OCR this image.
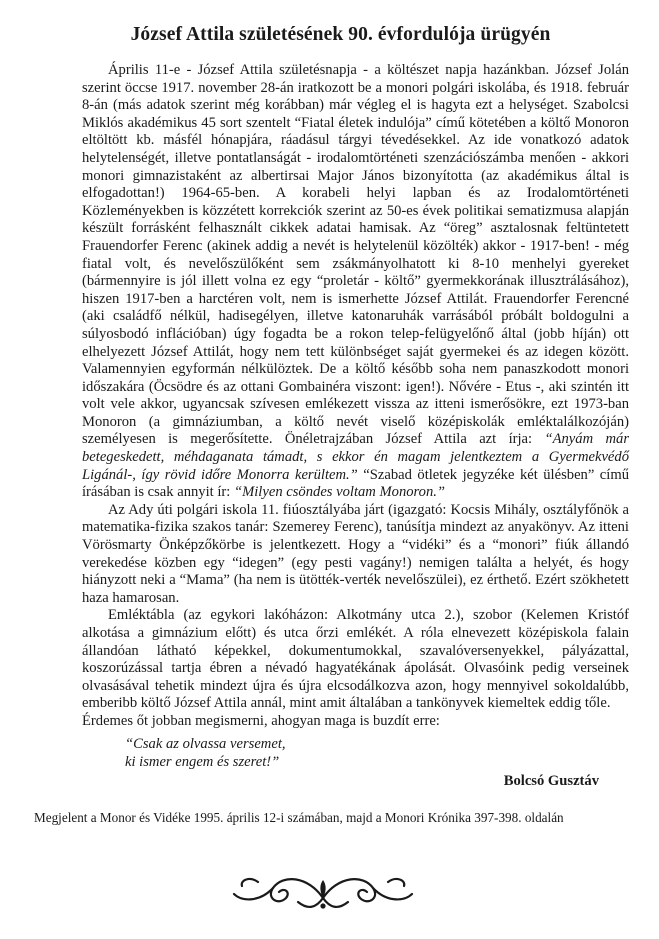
József Attila születésének 90. évfordulója ürügyén

Április 11-e - József Attila születésnapja - a költészet napja hazánkban. József Jolán szerint öccse 1917. november 28-án iratkozott be a monori polgári iskolába, és 1918. február 8-án (más adatok szerint még korábban) már végleg el is hagyta ezt a helységet. Szabolcsi Miklós akadémikus 45 sort szentelt “Fiatal életek indulója” című kötetében a költő Monoron eltöltött kb. másfél hónapjára, ráadásul tárgyi tévedésekkel. Az ide vonatkozó adatok helytelenségét, illetve pontatlanságát - irodalomtörténeti szenzációszámba menően - akkori monori gimnazistaként az albertirsai Major János bizonyította (az akadémikus által is elfogadottan!) 1964-65-ben. A korabeli helyi lapban és az Irodalomtörténeti Közleményekben is közzétett korrekciók szerint az 50-es évek politikai sematizmusa alapján készült forrásként felhasznált cikkek adatai hamisak. Az “öreg” asztalosnak feltüntetett Frauendorfer Ferenc (akinek addig a nevét is helytelenül közölték) akkor - 1917-ben! - még fiatal volt, és nevelőszülőként sem zsákmányolhatott ki 8-10 menhelyi gyereket (bármennyire is jól illett volna ez egy “proletár - költő” gyermekkorának illusztrálásához), hiszen 1917-ben a harctéren volt, nem is ismerhette József Attilát. Frauendorfer Ferencné (aki családfő nélkül, hadisegélyen, illetve katonaruhák varrásából próbált boldogulni a súlyosbodó inflációban) úgy fogadta be a rokon telep-felügyelőnő által (jobb híján) ott elhelyezett József Attilát, hogy nem tett különbséget saját gyermekei és az idegen között. Valamennyien egyformán nélkülöztek. De a költő később soha nem panaszkodott monori időszakára (Öcsödre és az ottani Gombainéra viszont: igen!). Nővére - Etus -, aki szintén itt volt vele akkor, ugyancsak szívesen emlékezett vissza az itteni ismerősökre, ezt 1973-ban Monoron (a gimnáziumban, a költő nevét viselő középiskolák emléktalálkozóján) személyesen is megerősítette. Önéletrajzában József Attila azt írja: “Anyám már betegeskedett, méhdaganata támadt, s ekkor én magam jelentkeztem a Gyermekvédő Ligánál-, így rövid időre Monorra kerültem.” “Szabad ötletek jegyzéke két ülésben” című írásában is csak annyit ír: “Milyen csöndes voltam Monoron.”

Az Ady úti polgári iskola 11. fiúosztályába járt (igazgató: Kocsis Mihály, osztályfőnök a matematika-fizika szakos tanár: Szemerey Ferenc), tanúsítja mindezt az anyakönyv. Az itteni Vörösmarty Önképzőkörbe is jelentkezett. Hogy a “vidéki” és a “monori” fiúk állandó verekedése közben egy “idegen” (egy pesti vagány!) nemigen találta a helyét, és hogy hiányzott neki a “Mama” (ha nem is ütötték-verték nevelőszülei), ez érthető. Ezért szökhetett haza hamarosan.

Emléktábla (az egykori lakóházon: Alkotmány utca 2.), szobor (Kelemen Kristóf alkotása a gimnázium előtt) és utca őrzi emlékét. A róla elnevezett középiskola falain állandóan látható képekkel, dokumentumokkal, szavalóversenyekkel, pályázattal, koszorúzással tartja ébren a névadó hagyatékának ápolását. Olvasóink pedig verseinek olvasásával tehetik mindezt újra és újra elcsodálkozva azon, hogy mennyivel sokoldalúbb, emberibb költő József Attila annál, mint amit általában a tankönyvek kiemeltek eddig tőle.

Érdemes őt jobban megismerni, ahogyan maga is buzdít erre:

“Csak az olvassa versemet,
ki ismer engem és szeret!”
Bolcsó Gusztáv
Megjelent a Monor és Vidéke 1995. április 12-i számában, majd a Monori Krónika 397-398. oldalán
